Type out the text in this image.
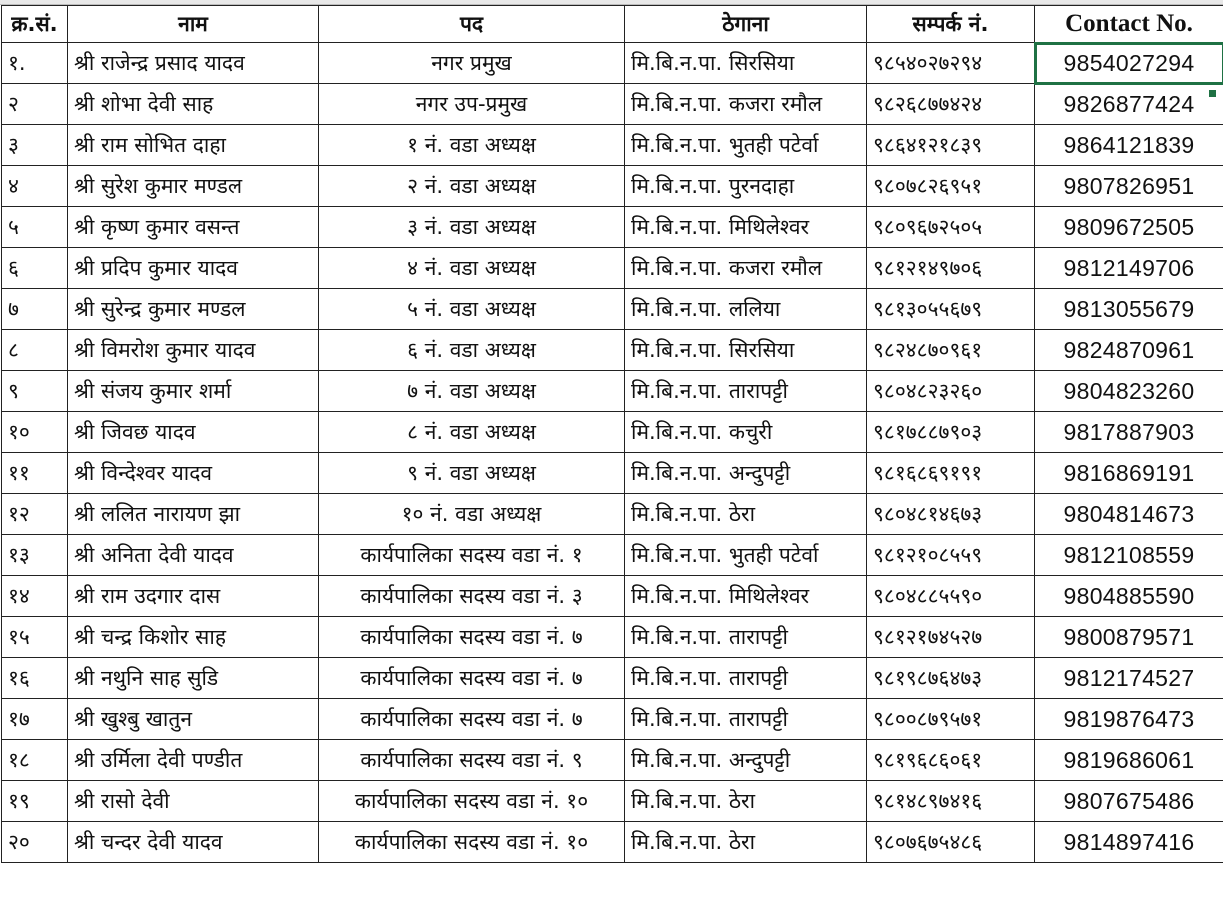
क्र.सं.	नाम	पद	ठेगाना	सम्पर्क नं.	Contact No.
१.	श्री राजेन्द्र प्रसाद यादव	नगर प्रमुख	मि.बि.न.पा. सिरसिया	९८५४०२७२९४	9854027294
२	श्री शोभा देवी साह	नगर उप-प्रमुख	मि.बि.न.पा. कजरा रमौल	९८२६८७७४२४	9826877424
३	श्री राम सोभित दाहा	१ नं. वडा अध्यक्ष	मि.बि.न.पा. भुतही पटेर्वा	९८६४१२१८३९	9864121839
४	श्री सुरेश कुमार मण्डल	२ नं. वडा अध्यक्ष	मि.बि.न.पा. पुरनदाहा	९८०७८२६९५१	9807826951
५	श्री कृष्ण कुमार वसन्त	३ नं. वडा अध्यक्ष	मि.बि.न.पा. मिथिलेश्वर	९८०९६७२५०५	9809672505
६	श्री प्रदिप कुमार यादव	४ नं. वडा अध्यक्ष	मि.बि.न.पा. कजरा रमौल	९८१२१४९७०६	9812149706
७	श्री सुरेन्द्र कुमार मण्डल	५ नं. वडा अध्यक्ष	मि.बि.न.पा. ललिया	९८१३०५५६७९	9813055679
८	श्री विमरोश कुमार यादव	६ नं. वडा अध्यक्ष	मि.बि.न.पा. सिरसिया	९८२४८७०९६१	9824870961
९	श्री संजय कुमार शर्मा	७ नं. वडा अध्यक्ष	मि.बि.न.पा. तारापट्टी	९८०४८२३२६०	9804823260
१०	श्री जिवछ यादव	८ नं. वडा अध्यक्ष	मि.बि.न.पा. कचुरी	९८१७८८७९०३	9817887903
११	श्री विन्देश्वर यादव	९ नं. वडा अध्यक्ष	मि.बि.न.पा. अन्दुपट्टी	९८१६८६९१९१	9816869191
१२	श्री ललित नारायण झा	१० नं. वडा अध्यक्ष	मि.बि.न.पा. ठेरा	९८०४८१४६७३	9804814673
१३	श्री अनिता देवी यादव	कार्यपालिका सदस्य वडा नं. १	मि.बि.न.पा. भुतही पटेर्वा	९८१२१०८५५९	9812108559
१४	श्री राम उदगार दास	कार्यपालिका सदस्य वडा नं. ३	मि.बि.न.पा. मिथिलेश्वर	९८०४८८५५९०	9804885590
१५	श्री चन्द्र किशोर साह	कार्यपालिका सदस्य वडा नं. ७	मि.बि.न.पा. तारापट्टी	९८१२१७४५२७	9800879571
१६	श्री नथुनि साह सुडि	कार्यपालिका सदस्य वडा नं. ७	मि.बि.न.पा. तारापट्टी	९८१९८७६४७३	9812174527
१७	श्री खुश्बु खातुन	कार्यपालिका सदस्य वडा नं. ७	मि.बि.न.पा. तारापट्टी	९८००८७९५७१	9819876473
१८	श्री उर्मिला देवी पण्डीत	कार्यपालिका सदस्य वडा नं. ९	मि.बि.न.पा. अन्दुपट्टी	९८१९६८६०६१	9819686061
१९	श्री रासो देवी	कार्यपालिका सदस्य वडा नं. १०	मि.बि.न.पा. ठेरा	९८१४८९७४१६	9807675486
२०	श्री चन्दर देवी यादव	कार्यपालिका सदस्य वडा नं. १०	मि.बि.न.पा. ठेरा	९८०७६७५४८६	9814897416
